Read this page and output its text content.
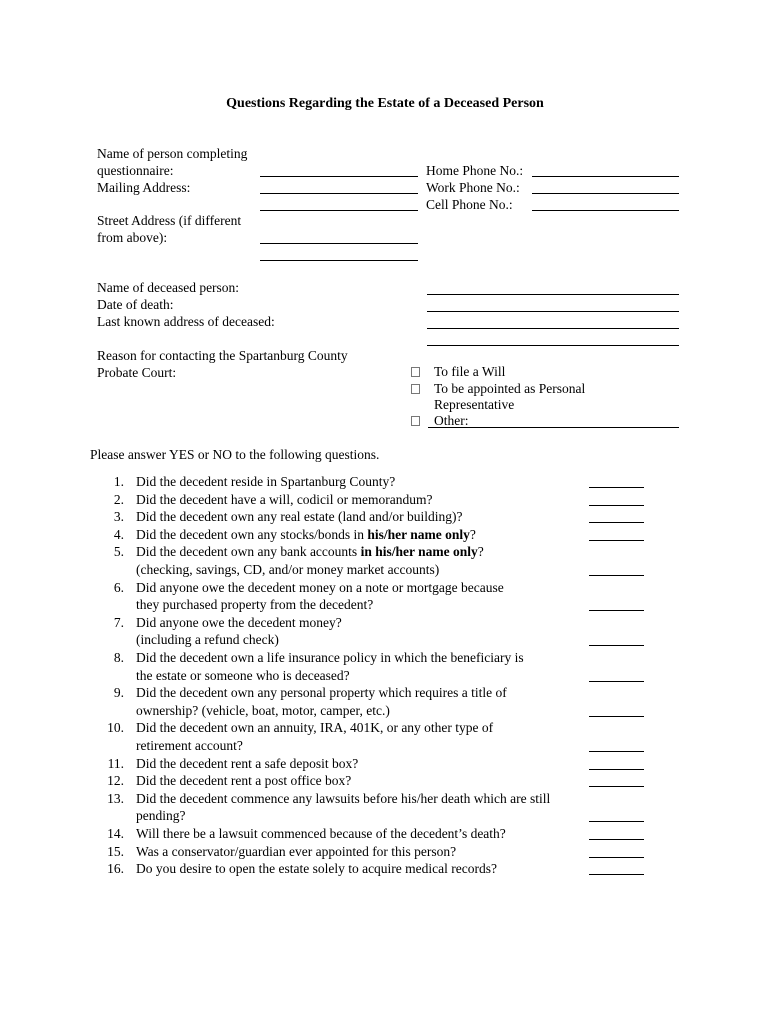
Questions Regarding the Estate of a Deceased Person
Name of person completing
questionnaire:
Mailing Address:
Home Phone No.:
Work Phone No.:
Cell Phone No.:
Street Address (if different
from above):
Name of deceased person:
Date of death:
Last known address of deceased:
Reason for contacting the Spartanburg County
Probate Court:	To file a Will
To be appointed as Personal
Representative
Other:
Please answer YES or NO to the following questions.
1. Did the decedent reside in Spartanburg County?
2. Did the decedent have a will, codicil or memorandum?
3. Did the decedent own any real estate (land and/or building)?
4. Did the decedent own any stocks/bonds in his/her name only?
5. Did the decedent own any bank accounts in his/her name only?
(checking, savings, CD, and/or money market accounts)
6. Did anyone owe the decedent money on a note or mortgage because
they purchased property from the decedent?
7. Did anyone owe the decedent money?
(including a refund check)
8. Did the decedent own a life insurance policy in which the beneficiary is
the estate or someone who is deceased?
9. Did the decedent own any personal property which requires a title of
ownership? (vehicle, boat, motor, camper, etc.)
10. Did the decedent own an annuity, IRA, 401K, or any other type of
retirement account?
11. Did the decedent rent a safe deposit box?
12. Did the decedent rent a post office box?
13. Did the decedent commence any lawsuits before his/her death which are still
pending?
14. Will there be a lawsuit commenced because of the decedent’s death?
15. Was a conservator/guardian ever appointed for this person?
16. Do you desire to open the estate solely to acquire medical records?
